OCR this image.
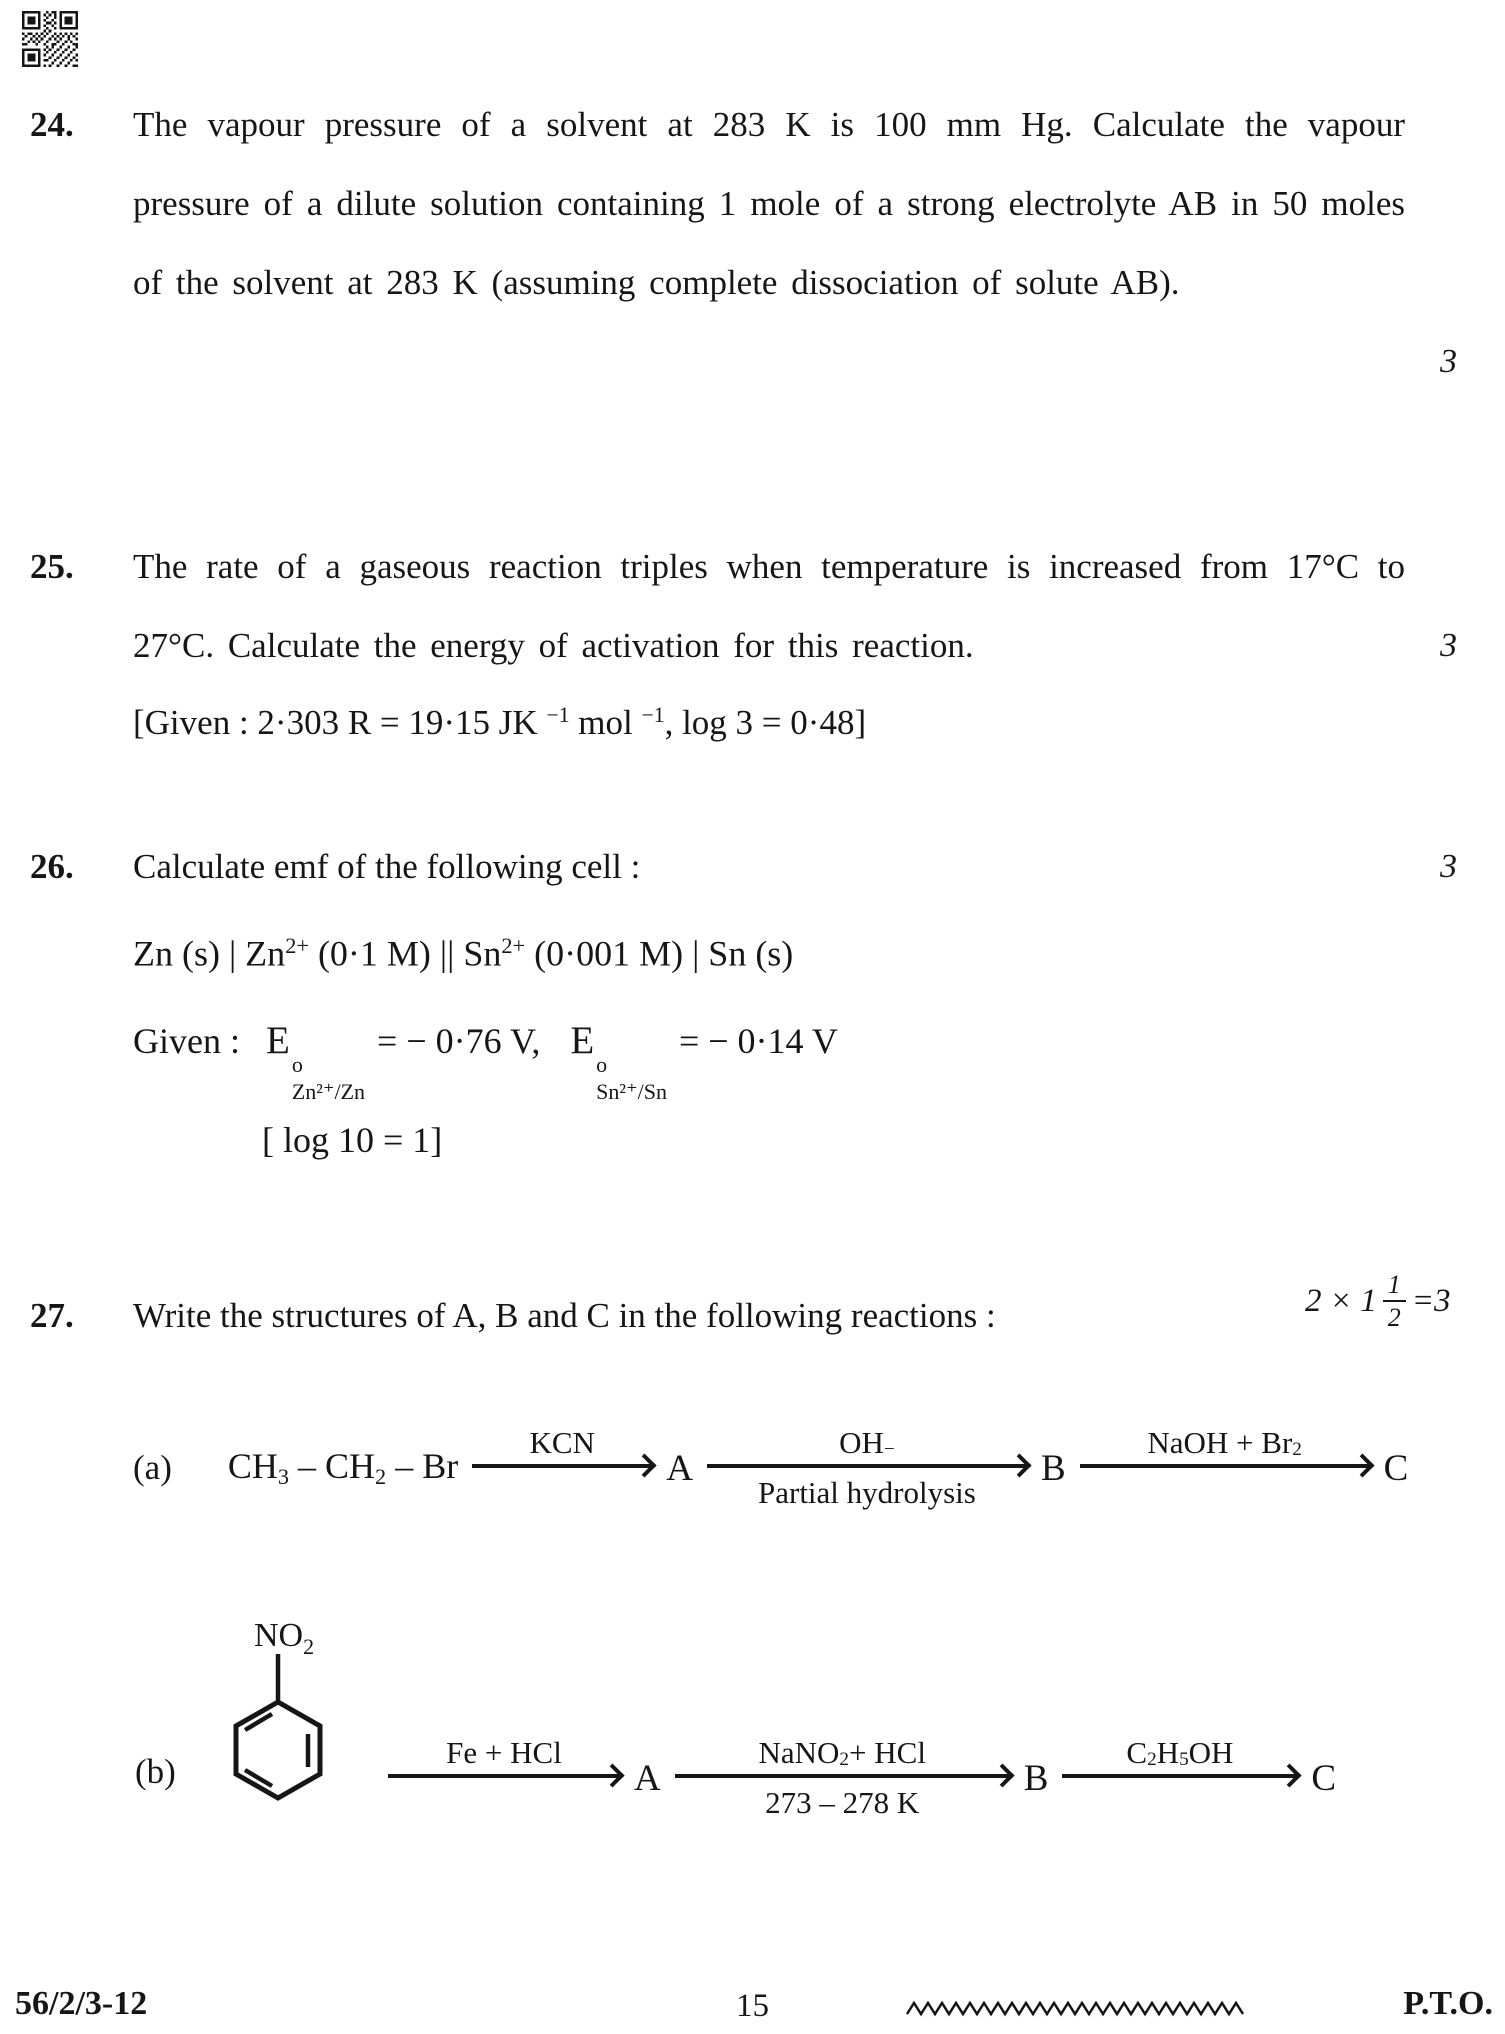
24. The vapour pressure of a solvent at 283 K is 100 mm Hg. Calculate the vapour pressure of a dilute solution containing 1 mole of a strong electrolyte AB in 50 moles of the solvent at 283 K (assuming complete dissociation of solute AB).
3
25. The rate of a gaseous reaction triples when temperature is increased from 17°C to 27°C. Calculate the energy of activation for this reaction.	3
[Given : 2·303 R = 19·15 JK $^{-1}$ mol $^{-1}$, log 3 = 0·48]
26. Calculate emf of the following cell :	3
Zn (s) | $Zn^{2+}$ (0·1 M) || $Sn^{2+}$ (0·001 M) | Sn (s)
Given : E
o
Zn²⁺/Zn
= − 0·76 V, E
o
Sn²⁺/Sn
= − 0·14 V
[ log 10 = 1]
27. Write the structures of A, B and C in the following reactions :	$2 \times 1 \frac{1}{2} =3$
(a) CH3 – CH2 – Br
KCN
A
OH −
Partial hydrolysis
B
NaOH + Br 2 C
(b)
$NO_2$
Fe + HCl
A
NaNO 2 + HCl
273 – 278 K
B
C 2 H 5 OH
C
56/2/3-12	15	P.T.O.
